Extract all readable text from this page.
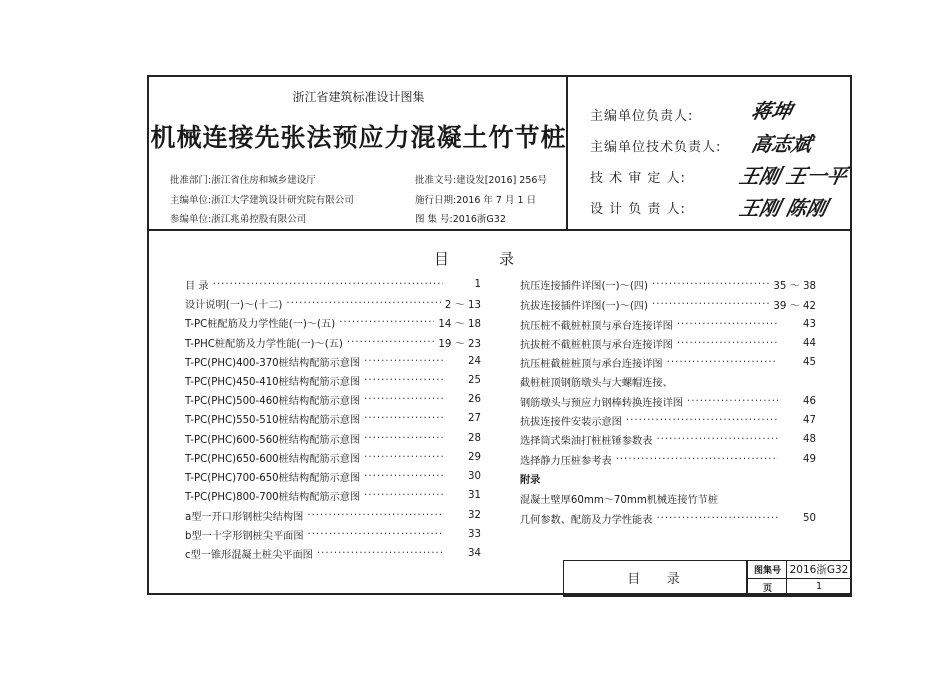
浙江省建筑标准设计图集
机械连接先张法预应力混凝土竹节桩
批准部门:浙江省住房和城乡建设厅	批准文号:建设发[2016] 256号
主编单位:浙江大学建筑设计研究院有限公司	施行日期:2016 年 7 月 1 日
参编单位:浙江兆弟控股有限公司	图 集 号:2016浙G32
主编单位负责人:	蒋坤
主编单位技术负责人: 高志斌
技 术 审 定 人:	王刚 王一平
设 计 负 责 人:	王刚 陈刚
目录
目 录 ·····	1
设计说明(一)～(十二) ·····	2 ～ 13
T-PC桩配筋及力学性能(一)～(五) ·····	14 ～ 18
T-PHC桩配筋及力学性能(一)～(五) ·····	19 ～ 23
T-PC(PHC)400-370桩结构配筋示意图 ·····	24
T-PC(PHC)450-410桩结构配筋示意图 ·····	25
T-PC(PHC)500-460桩结构配筋示意图 ·····	26
T-PC(PHC)550-510桩结构配筋示意图 ·····	27
T-PC(PHC)600-560桩结构配筋示意图 ·····	28
T-PC(PHC)650-600桩结构配筋示意图 ·····	29
T-PC(PHC)700-650桩结构配筋示意图 ·····	30
T-PC(PHC)800-700桩结构配筋示意图 ·····	31
a型一开口形钢桩尖结构图 ·····	32
b型一十字形钢桩尖平面图 ·····	33
c型一锥形混凝土桩尖平面图 ·····	34
抗压连接插件详图(一)～(四) ·····	35 ～ 38
抗拔连接插件详图(一)～(四) ·····	39 ～ 42
抗压桩不截桩桩顶与承台连接详图 ·····	43
抗拔桩不截桩桩顶与承台连接详图 ·····	44
抗压桩截桩桩顶与承台连接详图 ·····	45
截桩桩顶钢筋墩头与大螺帽连接、
钢筋墩头与预应力钢棒转换连接详图 ·····	46
抗拔连接件安装示意图 ·····	47
选择筒式柴油打桩桩锤参数表 ·····	48
选择静力压桩参考表 ·····	49
附录
混凝土壁厚60mm～70mm机械连接竹节桩
几何参数、配筋及力学性能表 ·····	50
目    录
图集号 2016浙G32
页	1
